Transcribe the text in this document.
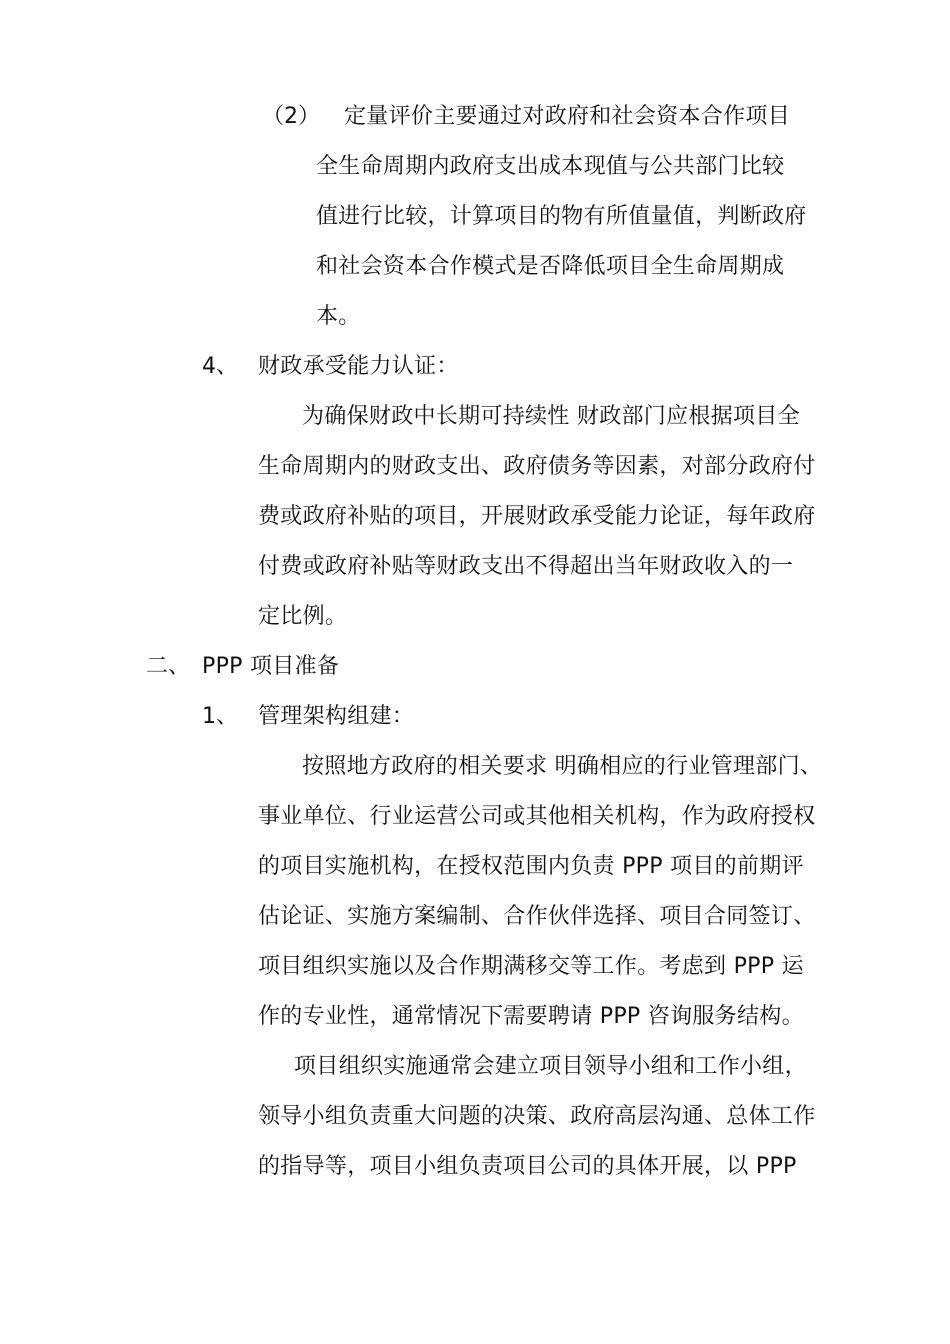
（2） 定量评价主要通过对政府和社会资本合作项目
全生命周期内政府支出成本现值与公共部门比较
值进行比较，计算项目的物有所值量值，判断政府
和社会资本合作模式是否降低项目全生命周期成
本。
4、 财政承受能力认证：
为确保财政中长期可持续性 财政部门应根据项目全
生命周期内的财政支出、政府债务等因素，对部分政府付
费或政府补贴的项目，开展财政承受能力论证，每年政府
付费或政府补贴等财政支出不得超出当年财政收入的一
定比例。
二、 PPP 项目准备
1、 管理架构组建：
按照地方政府的相关要求 明确相应的行业管理部门、
事业单位、行业运营公司或其他相关机构，作为政府授权
的项目实施机构，在授权范围内负责 PPP 项目的前期评
估论证、实施方案编制、合作伙伴选择、项目合同签订、
项目组织实施以及合作期满移交等工作。考虑到 PPP 运
作的专业性，通常情况下需要聘请 PPP 咨询服务结构。
项目组织实施通常会建立项目领导小组和工作小组，
领导小组负责重大问题的决策、政府高层沟通、总体工作
的指导等，项目小组负责项目公司的具体开展，以 PPP
